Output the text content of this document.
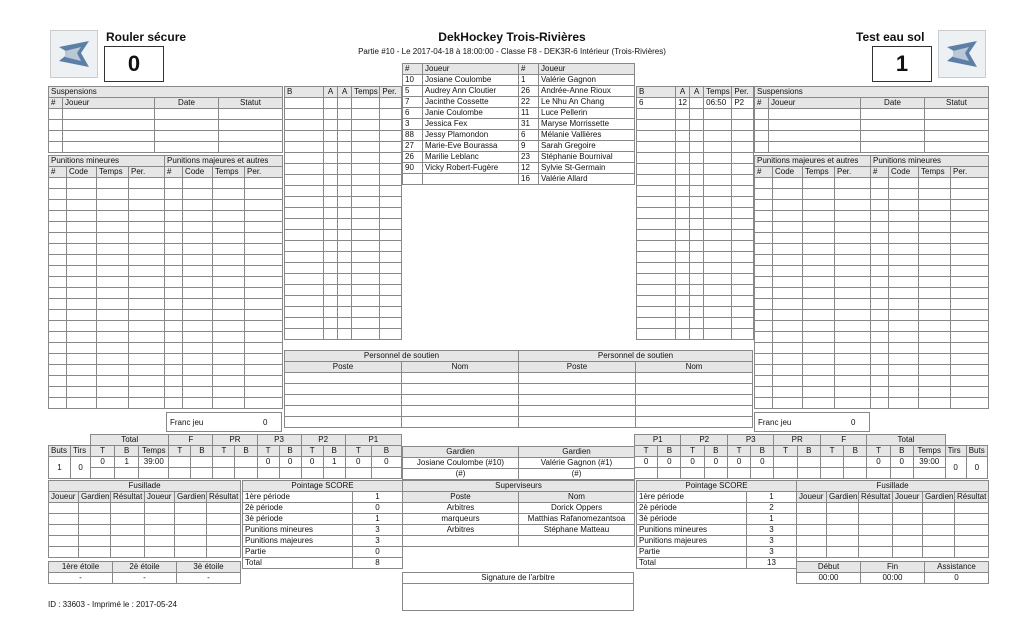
Rouler sécure
0
DekHockey Trois-Rivières
Partie #10 - Le 2017-04-18 à 18:00:00 - Classe F8 - DEK3R-6 Intérieur (Trois-Rivières)
Test eau sol
1
#	Joueur	#	Joueur
10	Josiane Coulombe	1	Valérie Gagnon
5	Audrey Ann Cloutier	26	Andrée-Anne Rioux
7	Jacinthe Cossette	22	Le Nhu An Chang
6	Janie Coulombe	11	Luce Pellerin
3	Jessica Fex	31	Maryse Morrissette
88	Jessy Plamondon	6	Mélanie Vallières
27	Marie-Eve Bourassa	9	Sarah Gregoire
26	Marilie Leblanc	23	Stéphanie Bournival
90	Vicky Robert-Fugère	12	Sylvie St-Germain
		16	Valérie Allard
B	A	A	Temps	Per.

					B	A	A	Temps	Per.
6	12		06:50	P2

Suspensions			
#	Joueur	Date	Statut

Suspensions			
#	Joueur	Date	Statut

Punitions mineures				Punitions majeures et autres			
#	Code	Temps	Per.	#	Code	Temps	Per.

Punitions majeures et autres				Punitions mineures			
#	Code	Temps	Per.	#	Code	Temps	Per.

Personnel de soutien	
Poste	Nom

Personnel de soutien	
Poste	Nom

Franc jeu	0	Franc jeu	0
		Total			F		PR		P3		P2		P1	
Buts	Tirs	T	B	Temps	T	B	T	B	T	B	T	B	T	B
1	0	0	1	39:00					0	0	0	1	0	0

Gardien	Gardien
Josiane Coulombe (#10)	Valérie Gagnon (#1)
(#)	(#)
P1		P2		P3		PR		F		Total				
T	B	T	B	T	B	T	B	T	B	T	B	Temps	Tirs	Buts
0	0	0	0	0	0					0	0	39:00	0	0

Fusillade					
Joueur	Gardien	Résultat	Joueur	Gardien	Résultat

1ère étoile	2è étoile	3è étoile
-	-	-
Pointage SCORE	
1ère période	1
2è période	0
3è période	1
Punitions mineures	3
Punitions majeures	3
Partie	0
Total	8
Superviseurs	
Poste	Nom
Arbitres	Dorick Oppers
marqueurs	Matthias Rafanomezantsoa
Arbitres	Stéphane Matteau

Signature de l'arbitre

Pointage SCORE	
1ère période	1
2è période	2
3è période	1
Punitions mineures	3
Punitions majeures	3
Partie	3
Total	13
Fusillade					
Joueur	Gardien	Résultat	Joueur	Gardien	Résultat

Début	Fin	Assistance
00:00	00:00	0
ID : 33603 - Imprimé le : 2017-05-24
